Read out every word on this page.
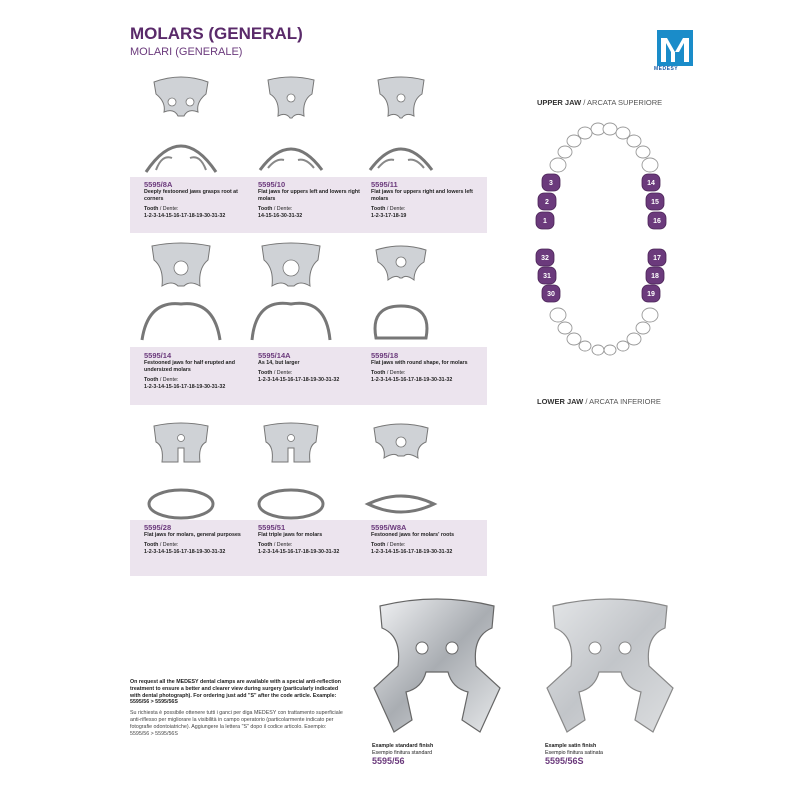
MOLARS (GENERAL)
MOLARI (GENERALE)
MEDESY
5595/8A
Deeply festooned jaws grasps root at corners
Tooth / Dente:
1-2-3-14-15-16-17-18-19-30-31-32
5595/10
Flat jaws for uppers left and lowers right molars
Tooth / Dente:
14-15-16-30-31-32
5595/11
Flat jaws for uppers right and lowers left molars
Tooth / Dente:
1-2-3-17-18-19
5595/14
Festooned jaws for half erupted and undersized molars
Tooth / Dente:
1-2-3-14-15-16-17-18-19-30-31-32
5595/14A
As 14, but larger
Tooth / Dente:
1-2-3-14-15-16-17-18-19-30-31-32
5595/18
Flat jaws with round shape, for molars
Tooth / Dente:
1-2-3-14-15-16-17-18-19-30-31-32
5595/28
Flat jaws for molars, general purposes
Tooth / Dente:
1-2-3-14-15-16-17-18-19-30-31-32
5595/51
Flat triple jaws for molars
Tooth / Dente:
1-2-3-14-15-16-17-18-19-30-31-32
5595/W8A
Festooned jaws for molars' roots
Tooth / Dente:
1-2-3-14-15-16-17-18-19-30-31-32
UPPER JAW / ARCATA SUPERIORE
LOWER JAW / ARCATA INFERIORE
3
2
1
14
15
16
32
31
30
17
18
19
On request all the MEDESY dental clamps are available with a special anti-reflection treatment to ensure a better and clearer view during surgery (particularly indicated with dental photograph). For ordering just add "S" after the code article. Example: 5595/56 > 5595/56S
Su richiesta è possibile ottenere tutti i ganci per diga MEDESY con trattamento superficiale anti-riflesso per migliorare la visibilità in campo operatorio (particolarmente indicato per fotografie odontoiatriche). Aggiungere la lettera "S" dopo il codice articolo. Esempio: 5595/56 > 5595/56S
Example standard finish
Esempio finitura standard
5595/56
Example satin finish
Esempio finitura satinata
5595/56S
